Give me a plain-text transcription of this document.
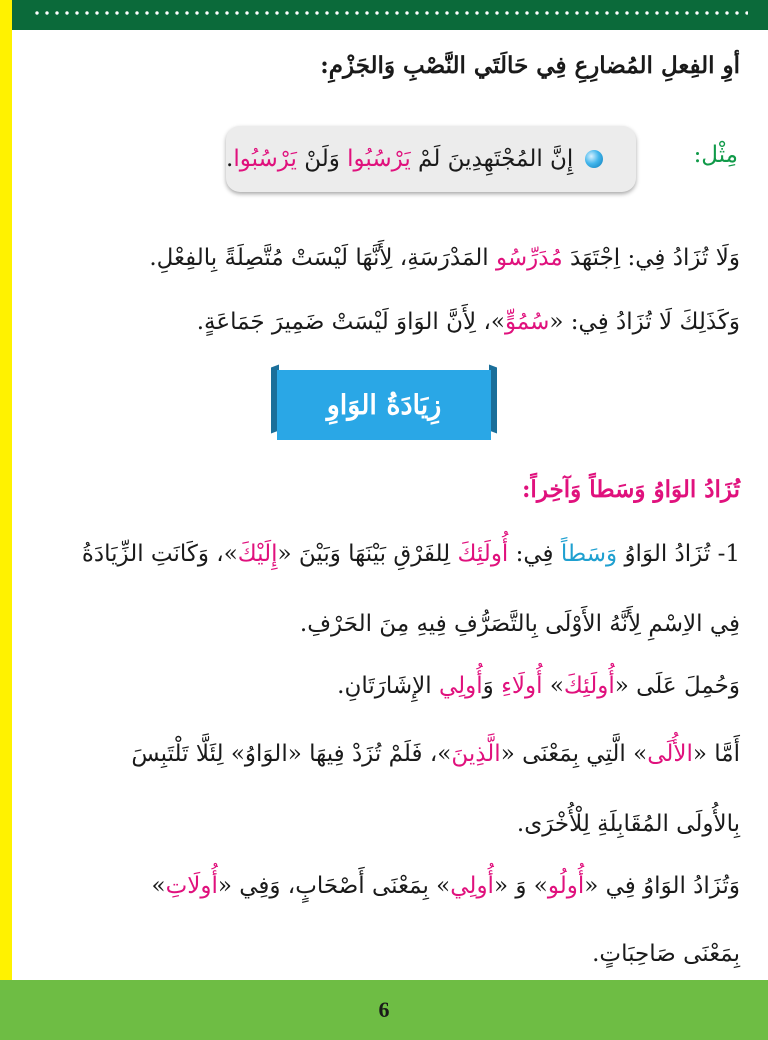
أوِ الفِعلِ المُضارِعِ فِي حَالَتَي النَّصْبِ وَالجَزْمِ:
مِثْل:
إِنَّ المُجْتَهِدِينَ لَمْ يَرْسُبُوا وَلَنْ يَرْسُبُوا.
وَلَا تُزَادُ فِي: اِجْتَهَدَ مُدَرِّسُو المَدْرَسَةِ، لِأَنَّهَا لَيْسَتْ مُتَّصِلَةً بِالفِعْلِ.
وَكَذَلِكَ لَا تُزَادُ فِي: «سُمُوٍّ»، لِأَنَّ الوَاوَ لَيْسَتْ ضَمِيرَ جَمَاعَةٍ.
زِيَادَةُ الوَاوِ
تُزَادُ الوَاوُ وَسَطاً وَآخِراً:
1- تُزَادُ الوَاوُ وَسَطاً فِي: أُولَئِكَ لِلفَرْقِ بَيْنَهَا وَبَيْنَ «إِلَيْكَ»، وَكَانَتِ الزِّيَادَةُ
فِي الاِسْمِ لِأَنَّهُ الأَوْلَى بِالتَّصَرُّفِ فِيهِ مِنَ الحَرْفِ.
وَحُمِلَ عَلَى «أُولَئِكَ» أُولَاءِ وَأُولِي الإِشَارَتَانِ.
أَمَّا «الأُلَى» الَّتِي بِمَعْنَى «الَّذِينَ»، فَلَمْ تُزَدْ فِيهَا «الوَاوُ» لِئَلَّا تَلْتَبِسَ
بِالأُولَى المُقَابِلَةِ لِلْأُخْرَى.
وَتُزَادُ الوَاوُ فِي «أُولُو» وَ «أُولِي» بِمَعْنَى أَصْحَابٍ، وَفِي «أُولَاتِ»
بِمَعْنَى صَاحِبَاتٍ.
6
